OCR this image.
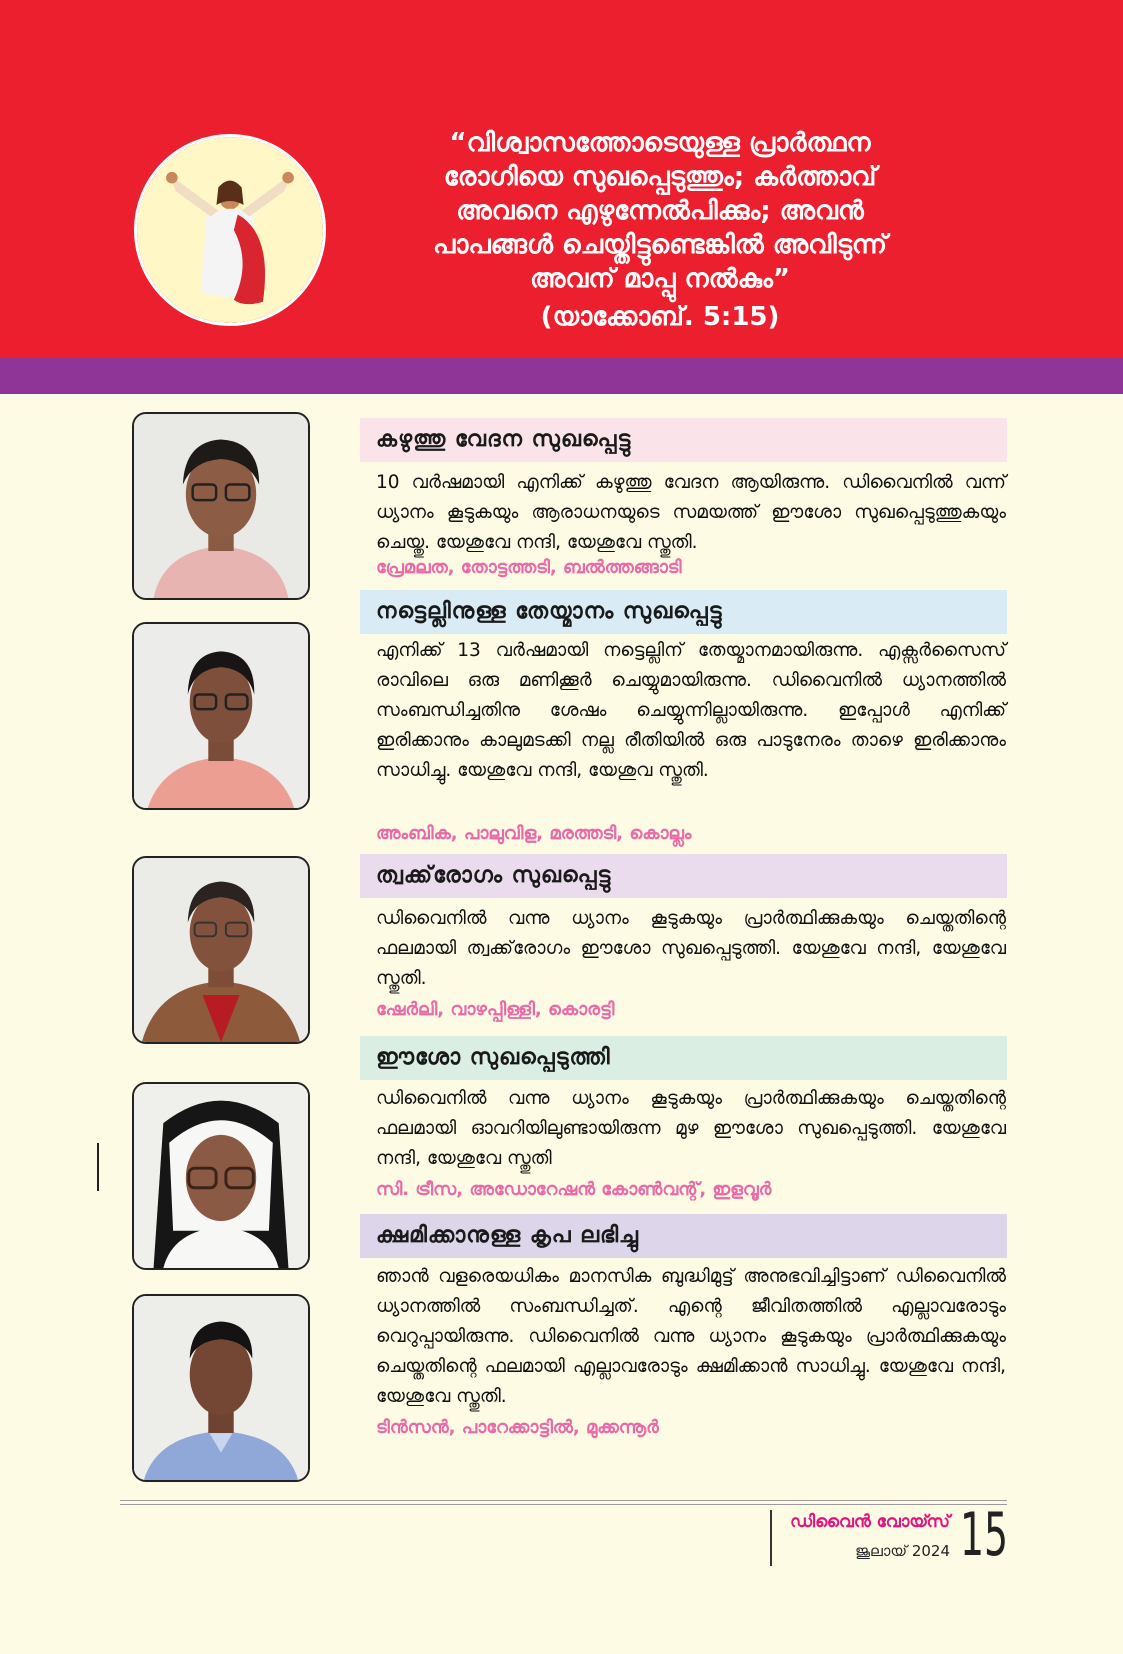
“വിശ്വാസത്തോടെയുള്ള പ്രാർത്ഥന
രോഗിയെ സുഖപ്പെടുത്തും; കർത്താവ്
അവനെ എഴുന്നേൽപിക്കും; അവൻ
പാപങ്ങൾ ചെയ്തിട്ടുണ്ടെങ്കിൽ അവിടുന്ന്
അവന് മാപ്പു നൽകും”
(യാക്കോബ്. 5:15)
കഴുത്തു വേദന സുഖപ്പെട്ടു
10 വർഷമായി എനിക്ക് കഴുത്തു വേദന ആയിരുന്നു. ഡിവൈനിൽ വന്ന് ധ്യാനം കൂടുകയും ആരാധനയുടെ സമയത്ത് ഈശോ സുഖപ്പെടുത്തുകയും ചെയ്തു. യേശുവേ നന്ദി, യേശുവേ സ്തുതി.
പ്രേമലത, തോട്ടത്തടി, ബൽത്തങ്ങാടി
നട്ടെല്ലിനുള്ള തേയ്മാനം സുഖപ്പെട്ടു
എനിക്ക് 13 വർഷമായി നട്ടെല്ലിന് തേയ്മാനമായിരുന്നു. എക്സർസൈസ് രാവിലെ ഒരു മണിക്കൂർ ചെയ്യുമായിരുന്നു. ഡിവൈനിൽ ധ്യാനത്തിൽ സംബന്ധിച്ചതിനു ശേഷം ചെയ്യുന്നില്ലായിരുന്നു. ഇപ്പോൾ എനിക്ക് ഇരിക്കാനും കാലുമടക്കി നല്ല രീതിയിൽ ഒരു പാടുനേരം താഴെ ഇരിക്കാനും സാധിച്ചു. യേശുവേ നന്ദി, യേശുവ സ്തുതി.
അംബിക, പാലുവിള, മരത്തടി, കൊല്ലം
ത്വക്ക്‌രോഗം സുഖപ്പെട്ടു
ഡിവൈനിൽ വന്നു ധ്യാനം കൂടുകയും പ്രാർത്ഥിക്കുകയും ചെയ്തതിന്റെ ഫലമായി ത്വക്ക്‌രോഗം ഈശോ സുഖപ്പെടുത്തി. യേശുവേ നന്ദി, യേശുവേ സ്തുതി.
ഷേർലി, വാഴപ്പിള്ളി, കൊരട്ടി
ഈശോ സുഖപ്പെടുത്തി
ഡിവൈനിൽ വന്നു ധ്യാനം കൂടുകയും പ്രാർത്ഥിക്കുകയും ചെയ്തതിന്റെ ഫലമായി ഓവറിയിലുണ്ടായിരുന്ന മുഴ ഈശോ സുഖപ്പെടുത്തി. യേശുവേ നന്ദി, യേശുവേ സ്തുതി
സി. ട്രീസ, അഡോറേഷൻ കോൺവന്റ്, ഇളവൂർ
ക്ഷമിക്കാനുള്ള കൃപ ലഭിച്ചു
ഞാൻ വളരെയധികം മാനസിക ബുദ്ധിമുട്ട് അനുഭവിച്ചിട്ടാണ് ഡിവൈനിൽ ധ്യാനത്തിൽ സംബന്ധിച്ചത്. എന്റെ ജീവിതത്തിൽ എല്ലാവരോടും വെറുപ്പായിരുന്നു. ഡിവൈനിൽ വന്നു ധ്യാനം കൂടുകയും പ്രാർത്ഥിക്കുകയും ചെയ്തതിന്റെ ഫലമായി എല്ലാവരോടും ക്ഷമിക്കാൻ സാധിച്ചു. യേശുവേ നന്ദി, യേശുവേ സ്തുതി.
ടിൻസൻ, പാറേക്കാട്ടിൽ, മുക്കന്നൂർ
ഡിവൈൻ വോയ്സ്
ജൂലായ് 2024 15
